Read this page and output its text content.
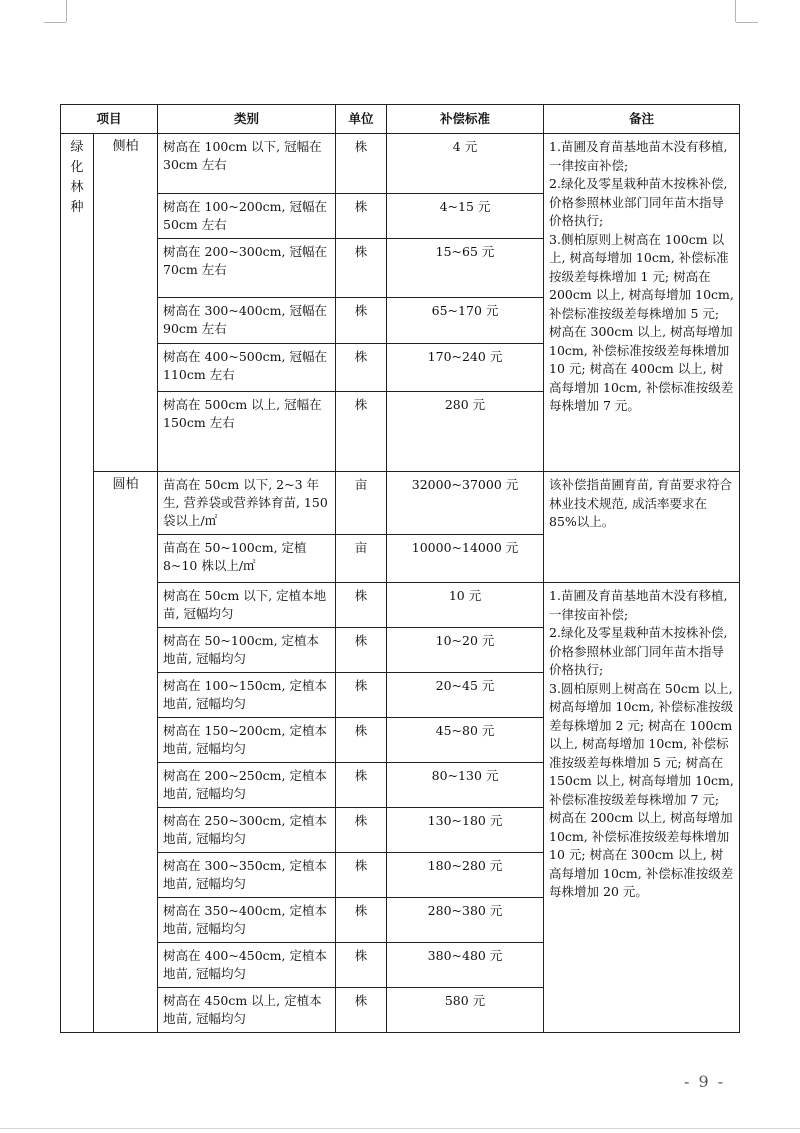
项目		类别	单位	补偿标准	备注

绿化林种	侧柏	树高在 100cm 以下, 冠幅在 30cm 左右	株	4 元	1.苗圃及育苗基地苗木没有移植, 一律按亩补偿;
2.绿化及零星栽种苗木按株补偿, 价格参照林业部门同年苗木指导价格执行;
3.侧柏原则上树高在 100cm 以上, 树高每增加 10cm, 补偿标准按级差每株增加 1 元; 树高在 200cm 以上, 树高每增加 10cm, 补偿标准按级差每株增加 5 元; 树高在 300cm 以上, 树高每增加 10cm, 补偿标准按级差每株增加 10 元; 树高在 400cm 以上, 树高每增加 10cm, 补偿标准按级差每株增加 7 元。

		树高在 100~200cm, 冠幅在 50cm 左右	株	4~15 元	
		树高在 200~300cm, 冠幅在 70cm 左右	株	15~65 元	
		树高在 300~400cm, 冠幅在 90cm 左右	株	65~170 元	
		树高在 400~500cm, 冠幅在 110cm 左右	株	170~240 元	
		树高在 500cm 以上, 冠幅在 150cm 左右	株	280 元	
	圆柏	苗高在 50cm 以下, 2~3 年生, 营养袋或营养钵育苗, 150 袋以上/㎡	亩	32000~37000 元	该补偿指苗圃育苗, 育苗要求符合林业技术规范, 成活率要求在 85%以上。

		苗高在 50~100cm, 定植 8~10 株以上/㎡	亩	10000~14000 元	
		树高在 50cm 以下, 定植本地苗, 冠幅均匀	株	10 元	1.苗圃及育苗基地苗木没有移植, 一律按亩补偿;
2.绿化及零星栽种苗木按株补偿, 价格参照林业部门同年苗木指导价格执行;
3.圆柏原则上树高在 50cm 以上, 树高每增加 10cm, 补偿标准按级差每株增加 2 元; 树高在 100cm 以上, 树高每增加 10cm, 补偿标准按级差每株增加 5 元; 树高在 150cm 以上, 树高每增加 10cm, 补偿标准按级差每株增加 7 元; 树高在 200cm 以上, 树高每增加 10cm, 补偿标准按级差每株增加 10 元; 树高在 300cm 以上, 树高每增加 10cm, 补偿标准按级差每株增加 20 元。

		树高在 50~100cm, 定植本地苗, 冠幅均匀	株	10~20 元	
		树高在 100~150cm, 定植本地苗, 冠幅均匀	株	20~45 元	
		树高在 150~200cm, 定植本地苗, 冠幅均匀	株	45~80 元	
		树高在 200~250cm, 定植本地苗, 冠幅均匀	株	80~130 元	
		树高在 250~300cm, 定植本地苗, 冠幅均匀	株	130~180 元	
		树高在 300~350cm, 定植本地苗, 冠幅均匀	株	180~280 元	
		树高在 350~400cm, 定植本地苗, 冠幅均匀	株	280~380 元	
		树高在 400~450cm, 定植本地苗, 冠幅均匀	株	380~480 元	
		树高在 450cm 以上, 定植本地苗, 冠幅均匀	株	580 元	
- 9 -
